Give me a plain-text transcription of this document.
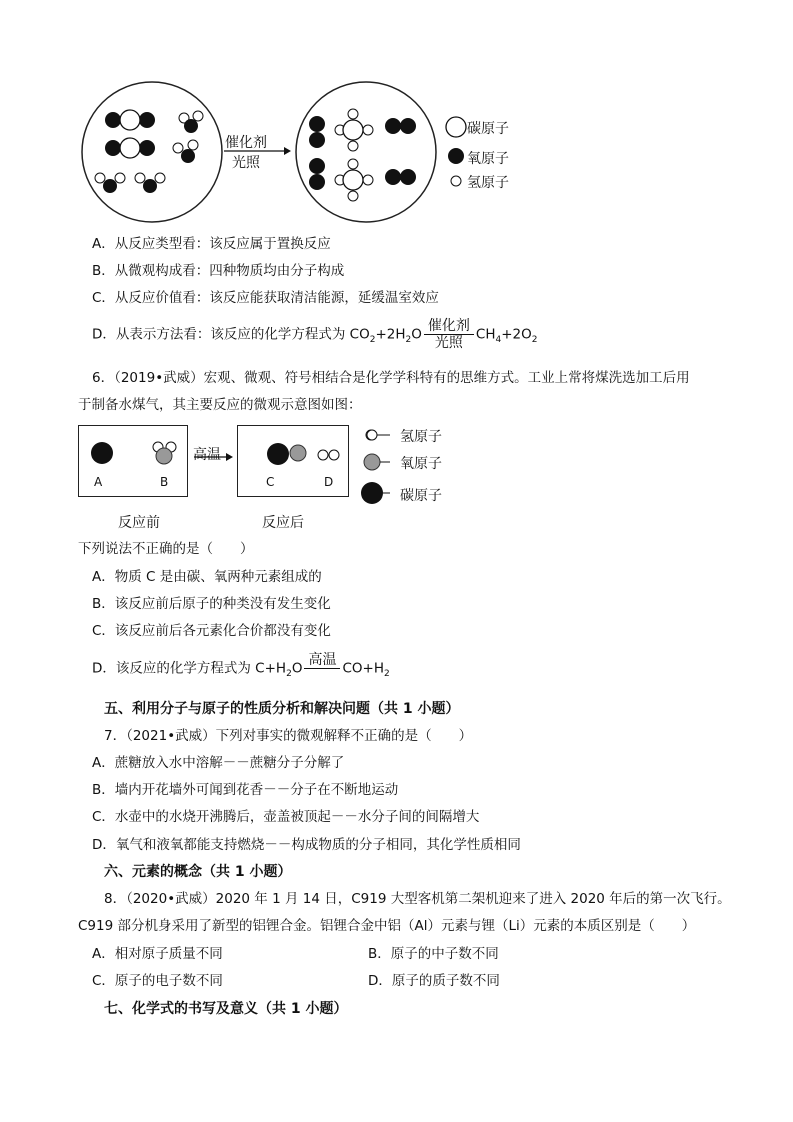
催化剂
光照
碳原子
氧原子
氢原子
A．从反应类型看：该反应属于置换反应
B．从微观构成看：四种物质均由分子构成
C．从反应价值看：该反应能获取清洁能源，延缓温室效应
D．从表示方法看：该反应的化学方程式为 $CO_2+2H_2O \frac{\text{催化剂}}{\text{光照}} CH_4+2O_2$
6．（2019•武威）宏观、微观、符号相结合是化学学科特有的思维方式。工业上常将煤洗选加工后用
于制备水煤气，其主要反应的微观示意图如图：
高温
A	B	C	D
氢原子
氧原子
碳原子
反应前	反应后
下列说法不正确的是（　　）
A．物质 C 是由碳、氧两种元素组成的
B．该反应前后原子的种类没有发生变化
C．该反应前后各元素化合价都没有变化
D．该反应的化学方程式为 $C+H_2O$
高温
$CO+H_2$
五、利用分子与原子的性质分析和解决问题（共 1 小题）
7．（2021•武威）下列对事实的微观解释不正确的是（　　）
A．蔗糖放入水中溶解－－蔗糖分子分解了
B．墙内开花墙外可闻到花香－－分子在不断地运动
C．水壶中的水烧开沸腾后，壶盖被顶起－－水分子间的间隔增大
D．氧气和液氧都能支持燃烧－－构成物质的分子相同，其化学性质相同
六、元素的概念（共 1 小题）
8．（2020•武威）2020 年 1 月 14 日，C919 大型客机第二架机迎来了进入 2020 年后的第一次飞行。
C919 部分机身采用了新型的铝锂合金。铝锂合金中铝（Al）元素与锂（Li）元素的本质区别是（　　）
A．相对原子质量不同	B．原子的中子数不同
C．原子的电子数不同	D．原子的质子数不同
七、化学式的书写及意义（共 1 小题）
